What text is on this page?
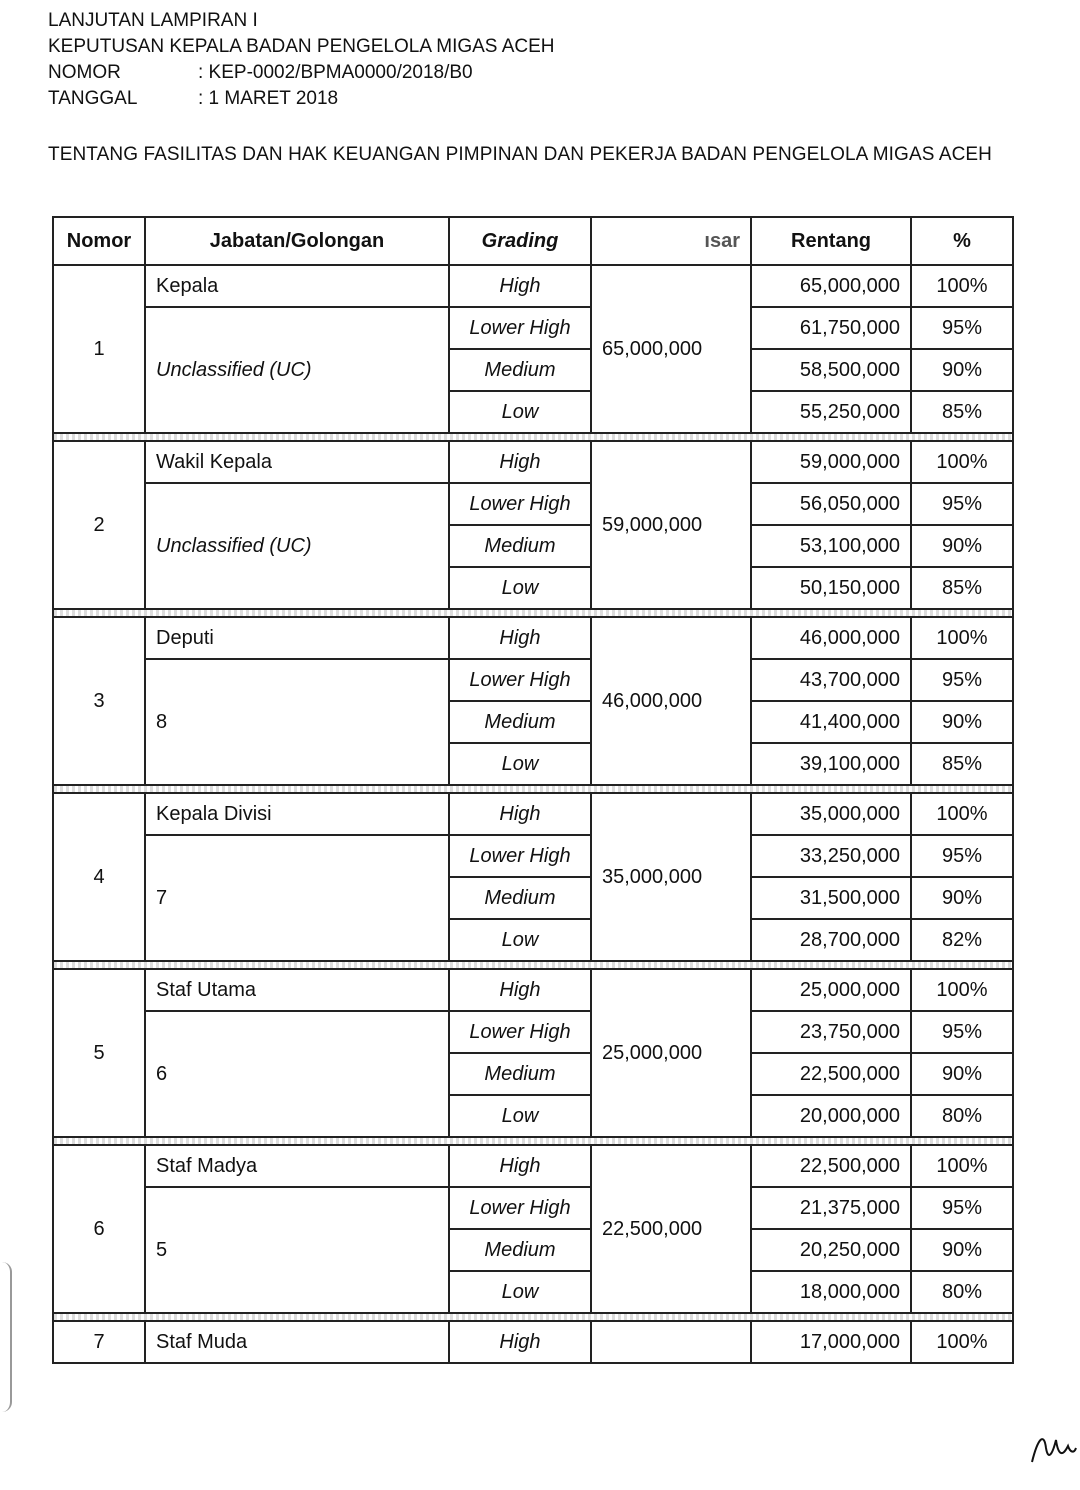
LANJUTAN LAMPIRAN I
KEPUTUSAN KEPALA BADAN PENGELOLA MIGAS ACEH
NOMOR	: KEP-0002/BPMA0000/2018/B0
TANGGAL	: 1 MARET 2018
TENTANG FASILITAS DAN HAK KEUANGAN PIMPINAN DAN PEKERJA BADAN PENGELOLA MIGAS ACEH
Nomor	Jabatan/Golongan	Grading	ısar	Rentang	%
1	Kepala	High	65,000,000	65,000,000	100%
	Unclassified (UC)	Lower High		61,750,000	95%
		Medium		58,500,000	90%
		Low		55,250,000	85%

2	Wakil Kepala	High	59,000,000	59,000,000	100%
	Unclassified (UC)	Lower High		56,050,000	95%
		Medium		53,100,000	90%
		Low		50,150,000	85%

3	Deputi	High	46,000,000	46,000,000	100%
	8	Lower High		43,700,000	95%
		Medium		41,400,000	90%
		Low		39,100,000	85%

4	Kepala Divisi	High	35,000,000	35,000,000	100%
	7	Lower High		33,250,000	95%
		Medium		31,500,000	90%
		Low		28,700,000	82%

5	Staf Utama	High	25,000,000	25,000,000	100%
	6	Lower High		23,750,000	95%
		Medium		22,500,000	90%
		Low		20,000,000	80%

6	Staf Madya	High	22,500,000	22,500,000	100%
	5	Lower High		21,375,000	95%
		Medium		20,250,000	90%
		Low		18,000,000	80%

7	Staf Muda	High		17,000,000	100%
